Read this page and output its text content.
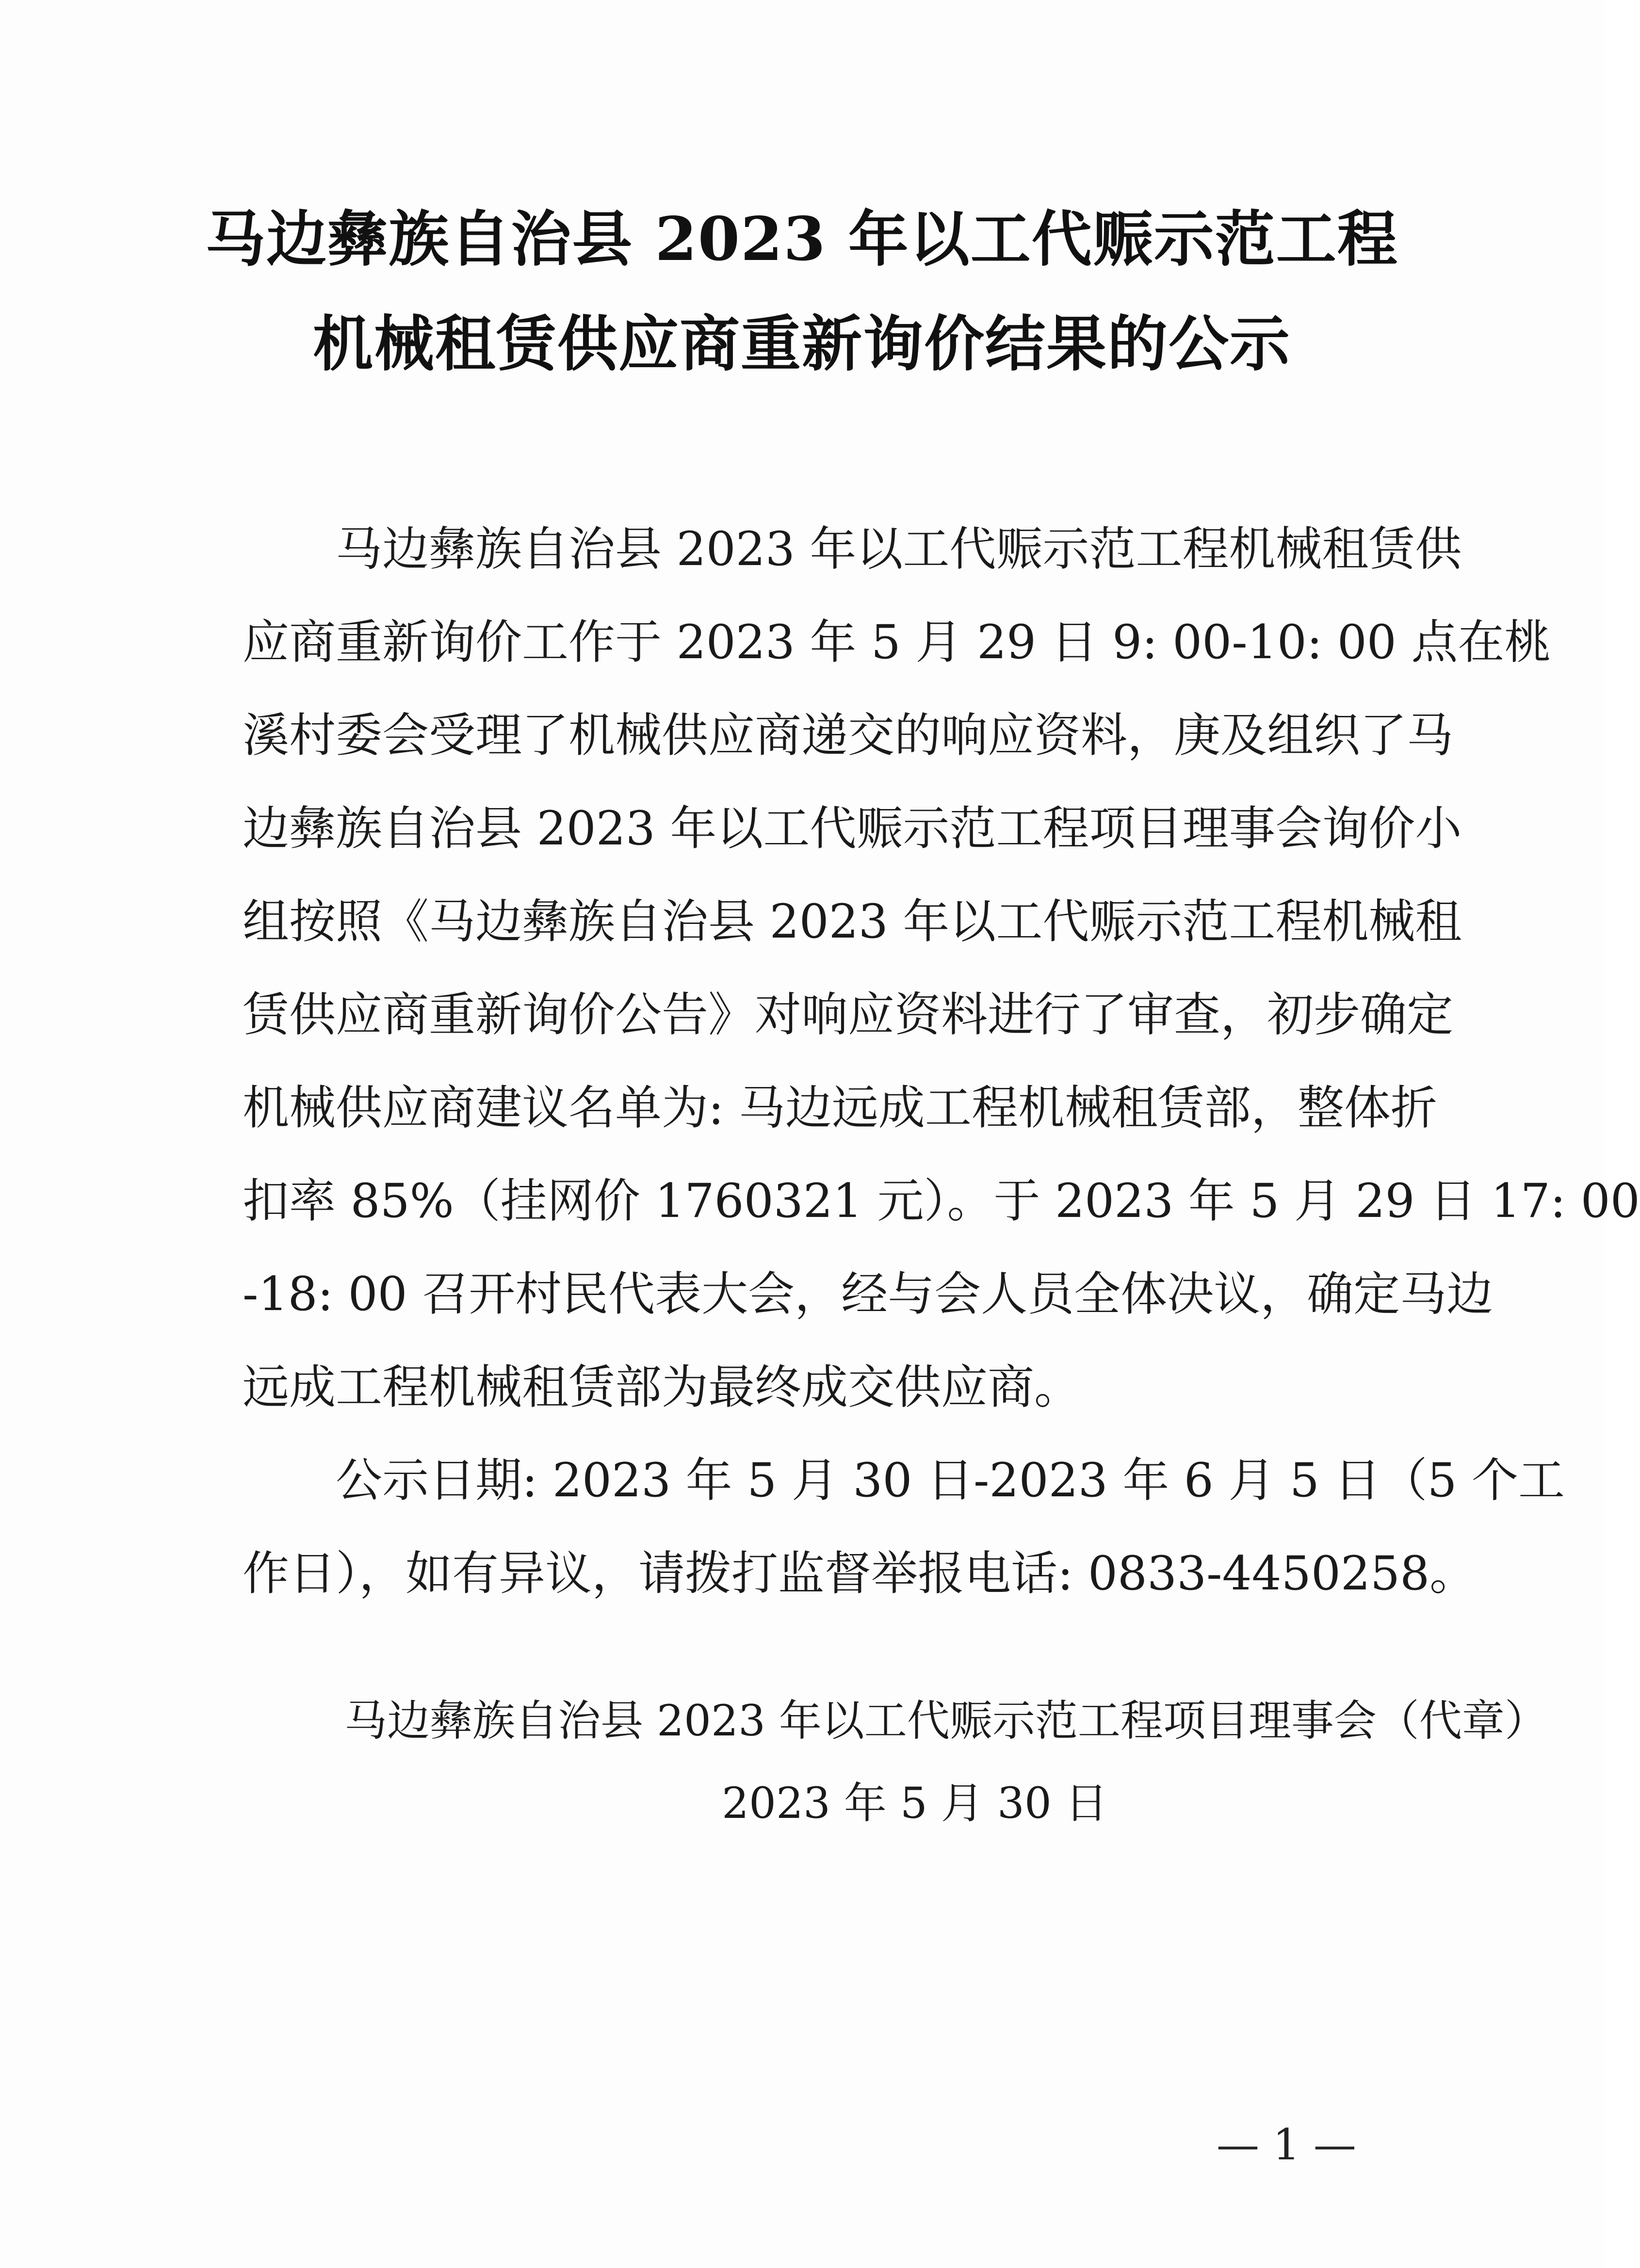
马边彝族自治县 2023 年以工代赈示范工程
机械租赁供应商重新询价结果的公示
马边彝族自治县 2023 年以工代赈示范工程机械租赁供
应商重新询价工作于 2023 年 5 月 29 日 9: 00-10: 00 点在桃
溪村委会受理了机械供应商递交的响应资料，庚及组织了马
边彝族自治县 2023 年以工代赈示范工程项目理事会询价小
组按照《马边彝族自治县 2023 年以工代赈示范工程机械租
赁供应商重新询价公告》对响应资料进行了审查，初步确定
机械供应商建议名单为: 马边远成工程机械租赁部，整体折
扣率 85%（挂网价 1760321 元）。于 2023 年 5 月 29 日 17: 00
-18: 00 召开村民代表大会，经与会人员全体决议，确定马边
远成工程机械租赁部为最终成交供应商。
公示日期: 2023 年 5 月 30 日-2023 年 6 月 5 日（5 个工
作日），如有异议，请拨打监督举报电话: 0833-4450258。
马边彝族自治县 2023 年以工代赈示范工程项目理事会（代章）
2023 年 5 月 30 日
— 1 —
